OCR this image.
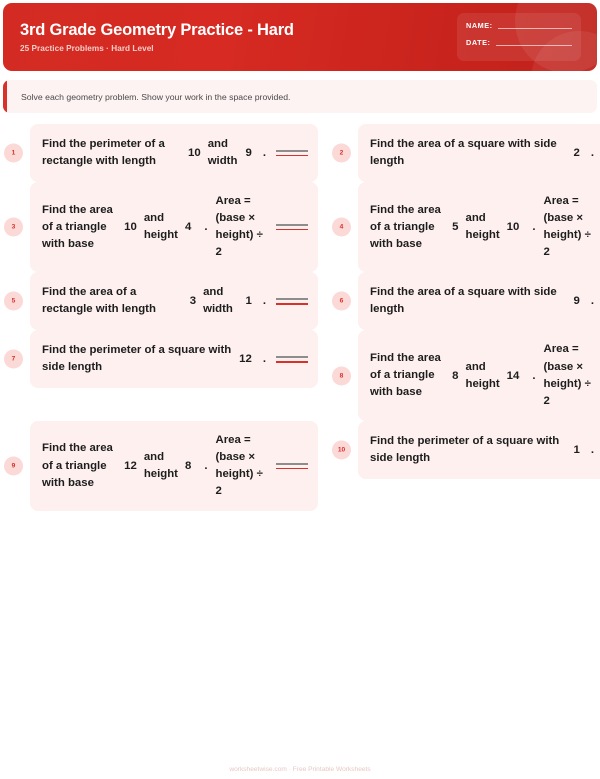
3rd Grade Geometry Practice - Hard
25 Practice Problems · Hard Level
NAME:
DATE:
Solve each geometry problem. Show your work in the space provided.
1
Find the perimeter of a rectangle with length
10
and width
9 .	2
Find the area of a square with side length
2 .
3
Find the area of a triangle with base
10
and height
4 .
Area = (base × height) ÷ 2
4
Find the area of a triangle with base
5
and height
10 .
Area = (base × height) ÷ 2
5
Find the area of a rectangle with length
3
and width
1 .	6
Find the area of a square with side length
9 .
7
Find the perimeter of a square with side length
12 .
8
Find the area of a triangle with base
8
and height
14 .
Area = (base × height) ÷ 2
9
Find the area of a triangle with base
12
and height
8 .
Area = (base × height) ÷ 2
10
Find the perimeter of a square with side length
1 .
worksheetwise.com · Free Printable Worksheets
